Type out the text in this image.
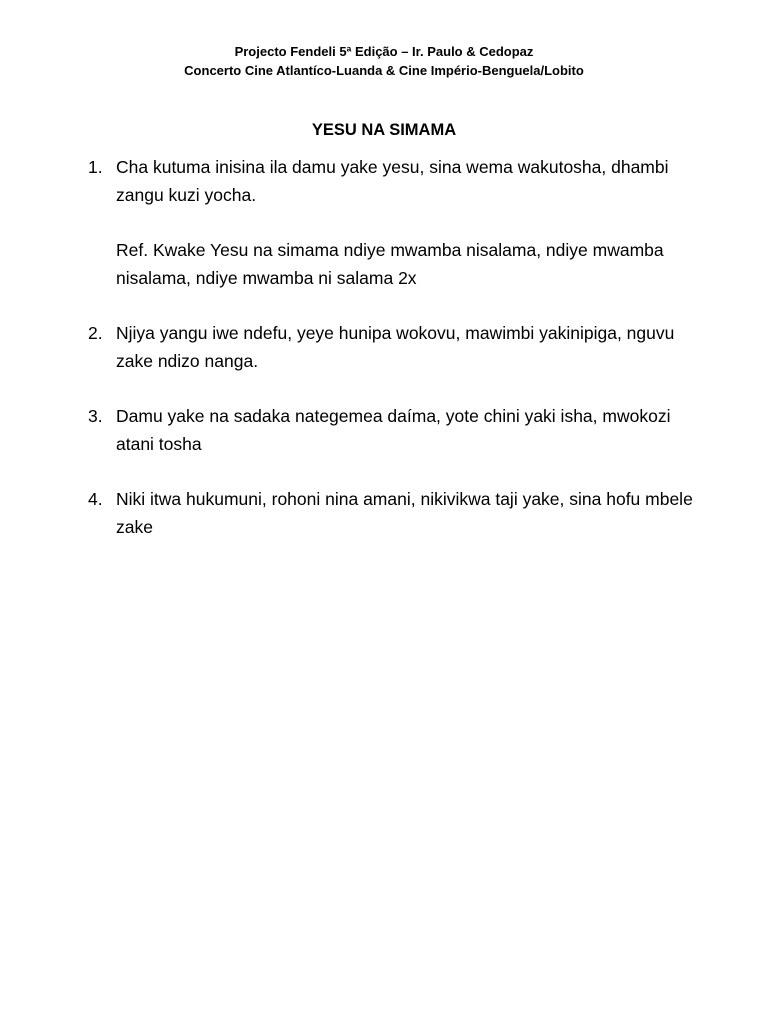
Projecto Fendeli 5ª Edição – Ir. Paulo & Cedopaz
Concerto Cine Atlantíco-Luanda & Cine Império-Benguela/Lobito
YESU NA SIMAMA
1. Cha kutuma inisina ila damu yake yesu, sina wema wakutosha, dhambi zangu kuzi yocha.
Ref. Kwake Yesu na simama ndiye mwamba nisalama, ndiye mwamba nisalama, ndiye mwamba ni salama 2x
2. Njiya yangu iwe ndefu, yeye hunipa wokovu, mawimbi yakinipiga, nguvu zake ndizo nanga.
3. Damu yake na sadaka nategemea daíma, yote chini yaki isha, mwokozi atani tosha
4. Niki itwa hukumuni, rohoni nina amani, nikivikwa taji yake, sina hofu mbele zake
